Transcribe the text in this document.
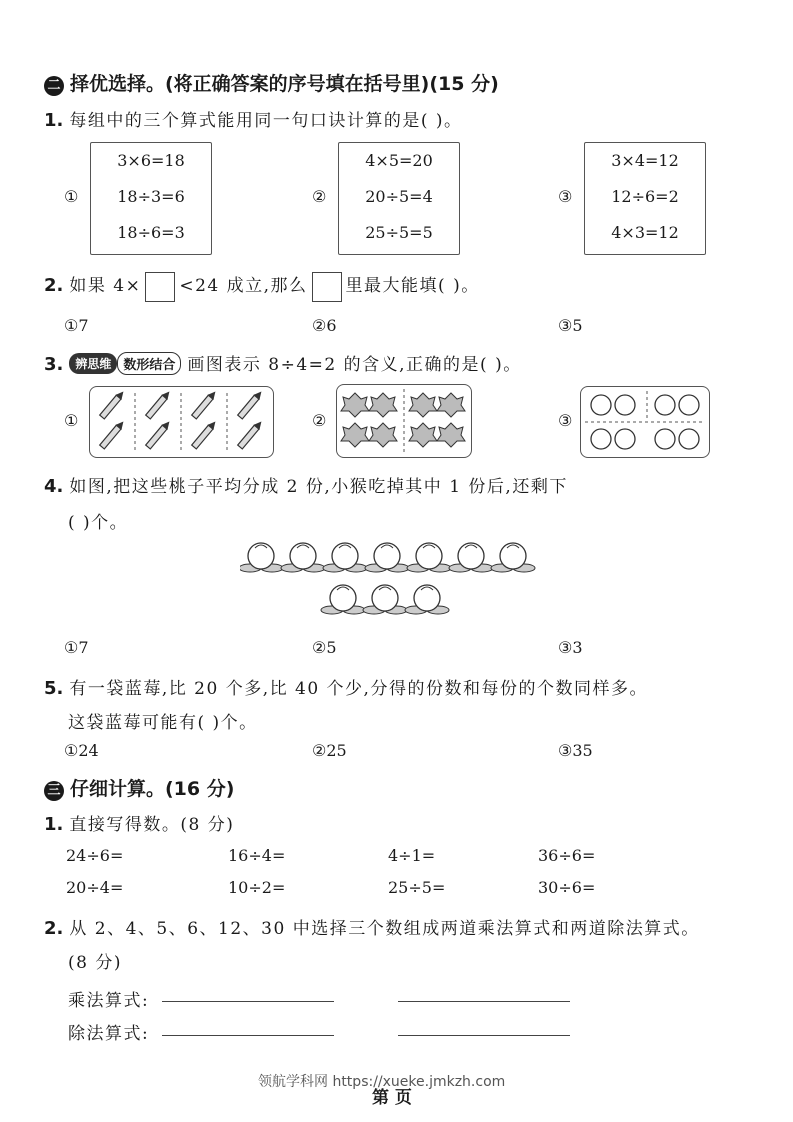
二 择优选择。(将正确答案的序号填在括号里)(15 分)
1. 每组中的三个算式能用同一句口诀计算的是( )。
①
3×6=18
18÷3=6
18÷6=3
②
4×5=20
20÷5=4
25÷5=5
③
3×4=12
12÷6=2
4×3=12
2. 如果 4× <24 成立,那么 里最大能填( )。
①7	②6	③5
3. 辨思维 数形结合 画图表示 8÷4=2 的含义,正确的是( )。
①	②	③
4. 如图,把这些桃子平均分成 2 份,小猴吃掉其中 1 份后,还剩下
( )个。
①7	②5	③3
5. 有一袋蓝莓,比 20 个多,比 40 个少,分得的份数和每份的个数同样多。
这袋蓝莓可能有( )个。
①24	②25	③35
三 仔细计算。(16 分)
1. 直接写得数。(8 分)
24÷6=	16÷4=	4÷1=	36÷6=
20÷4=	10÷2=	25÷5=	30÷6=
2. 从 2、4、5、6、12、30 中选择三个数组成两道乘法算式和两道除法算式。
(8 分)
乘法算式:
除法算式:
领航学科网 https://xueke.jmkzh.com
第 页
